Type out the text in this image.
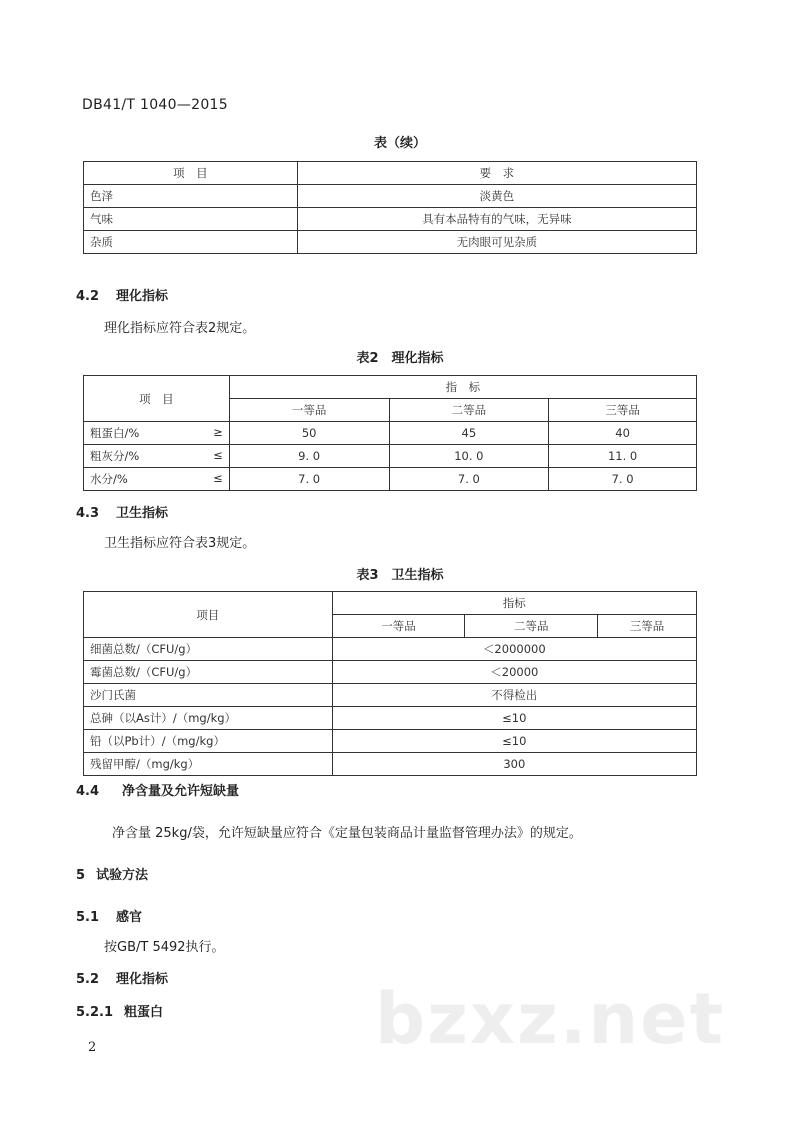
DB41/T 1040—2015
表（续）
项　目	要　求
色泽	淡黄色
气味	具有本品特有的气味，无异味
杂质	无肉眼可见杂质
4.2 理化指标
理化指标应符合表2规定。
表2　理化指标
项　目	指　标		
	一等品	二等品	三等品

粗蛋白/% ≥	50	45	40

粗灰分/% ≤	9. 0	10. 0	11. 0

水分/% ≤	7. 0	7. 0	7. 0
4.3 卫生指标
卫生指标应符合表3规定。
表3　卫生指标
项目	指标		
	一等品	二等品	三等品
细菌总数/（CFU/g）	＜2000000		
霉菌总数/（CFU/g）	＜20000		
沙门氏菌	不得检出		
总砷（以As计）/（mg/kg）	≤10		
铅（以Pb计）/（mg/kg）	≤10		
残留甲醇/（mg/kg）	300		
4.4 净含量及允许短缺量
净含量 25kg/袋，允许短缺量应符合《定量包装商品计量监督管理办法》的规定。
5 试验方法
5.1 感官
按GB/T 5492执行。
5.2 理化指标
5.2.1 粗蛋白
2	bzxz.net
